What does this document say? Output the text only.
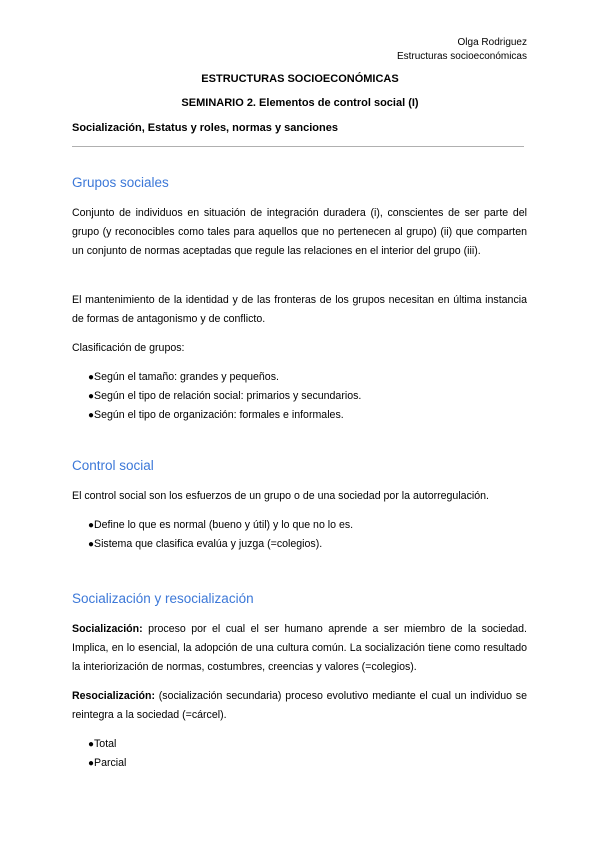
Olga Rodriguez
Estructuras socioeconómicas
ESTRUCTURAS SOCIOECONÓMICAS
SEMINARIO 2. Elementos de control social (I)
Socialización, Estatus y roles, normas y sanciones
Grupos sociales
Conjunto de individuos en situación de integración duradera (i), conscientes de ser parte del grupo (y reconocibles como tales para aquellos que no pertenecen al grupo) (ii) que comparten un conjunto de normas aceptadas que regule las relaciones en el interior del grupo (iii).
El mantenimiento de la identidad y de las fronteras de los grupos necesitan en última instancia de formas de antagonismo y de conflicto.
Clasificación de grupos:
● Según el tamaño: grandes y pequeños.
● Según el tipo de relación social: primarios y secundarios.
● Según el tipo de organización: formales e informales.
Control social
El control social son los esfuerzos de un grupo o de una sociedad por la autorregulación.
● Define lo que es normal (bueno y útil) y lo que no lo es.
● Sistema que clasifica evalúa y juzga (=colegios).
Socialización y resocialización
Socialización: proceso por el cual el ser humano aprende a ser miembro de la sociedad. Implica, en lo esencial, la adopción de una cultura común. La socialización tiene como resultado la interiorización de normas, costumbres, creencias y valores (=colegios).
Resocialización: (socialización secundaria) proceso evolutivo mediante el cual un individuo se reintegra a la sociedad (=cárcel).
● Total
● Parcial
